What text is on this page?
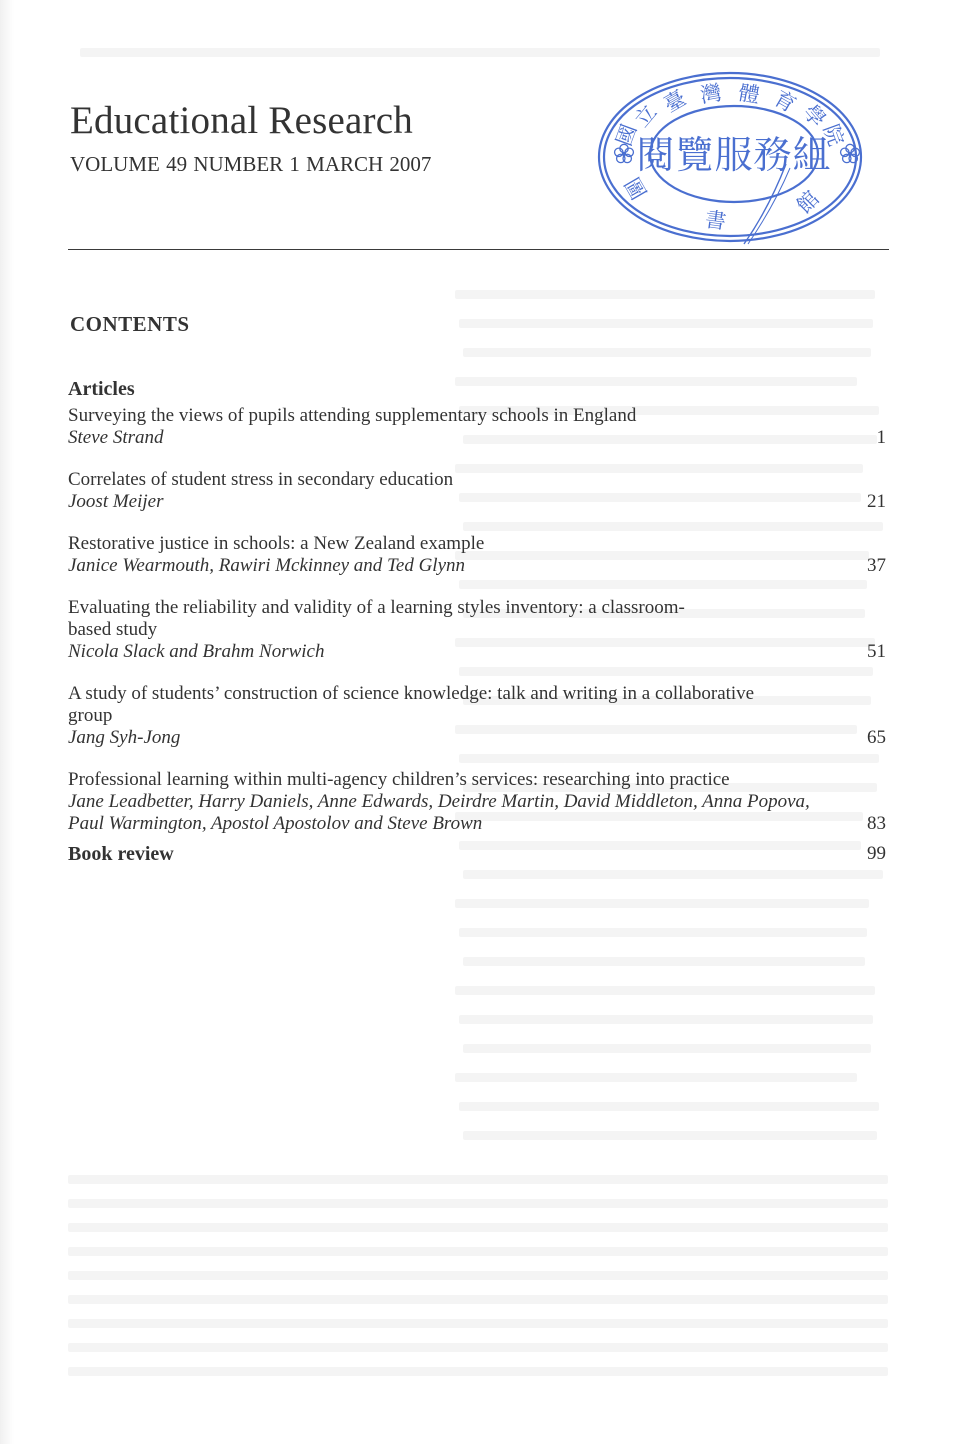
Educational Research
VOLUME 49 NUMBER 1 MARCH 2007
國
立
臺 灣 體 育
學
院
圖
書
館
閱覽服務組
CONTENTS
Articles
Surveying the views of pupils attending supplementary schools in England
Steve Strand	1
Correlates of student stress in secondary education
Joost Meijer	21
Restorative justice in schools: a New Zealand example
Janice Wearmouth, Rawiri Mckinney and Ted Glynn	37
Evaluating the reliability and validity of a learning styles inventory: a classroom-based study
Nicola Slack and Brahm Norwich	51
A study of students’ construction of science knowledge: talk and writing in a collaborative group
Jang Syh-Jong	65
Professional learning within multi-agency children’s services: researching into practice
Jane Leadbetter, Harry Daniels, Anne Edwards, Deirdre Martin, David Middleton, Anna Popova, Paul Warmington, Apostol Apostolov and Steve Brown	83
Book review	99
